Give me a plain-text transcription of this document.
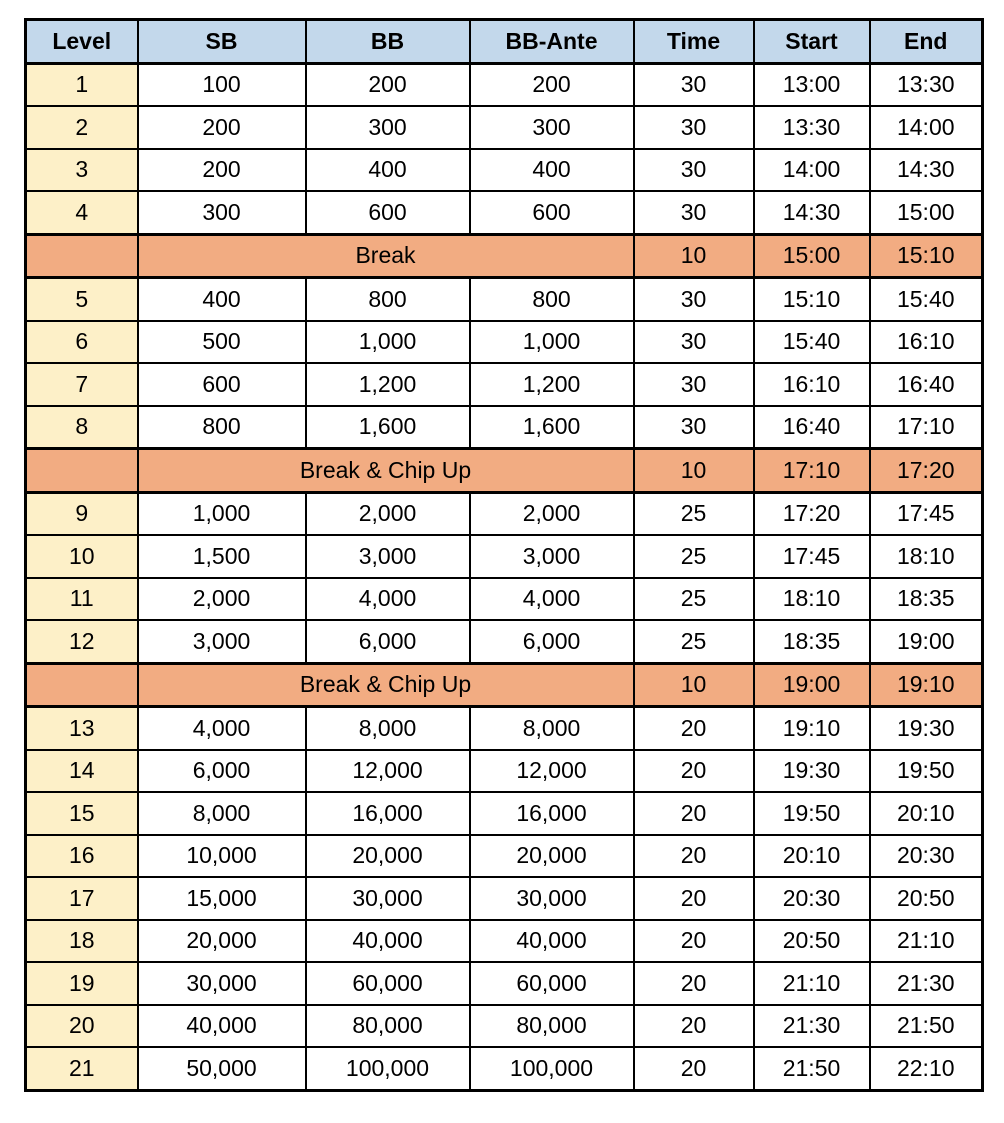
Level	SB	BB	BB-Ante	Time	Start	End
1	100	200	200	30	13:00	13:30
2	200	300	300	30	13:30	14:00
3	200	400	400	30	14:00	14:30
4	300	600	600	30	14:30	15:00
	Break			10	15:00	15:10
5	400	800	800	30	15:10	15:40
6	500	1,000	1,000	30	15:40	16:10
7	600	1,200	1,200	30	16:10	16:40
8	800	1,600	1,600	30	16:40	17:10
	Break & Chip Up			10	17:10	17:20
9	1,000	2,000	2,000	25	17:20	17:45
10	1,500	3,000	3,000	25	17:45	18:10
11	2,000	4,000	4,000	25	18:10	18:35
12	3,000	6,000	6,000	25	18:35	19:00
	Break & Chip Up			10	19:00	19:10
13	4,000	8,000	8,000	20	19:10	19:30
14	6,000	12,000	12,000	20	19:30	19:50
15	8,000	16,000	16,000	20	19:50	20:10
16	10,000	20,000	20,000	20	20:10	20:30
17	15,000	30,000	30,000	20	20:30	20:50
18	20,000	40,000	40,000	20	20:50	21:10
19	30,000	60,000	60,000	20	21:10	21:30
20	40,000	80,000	80,000	20	21:30	21:50
21	50,000	100,000	100,000	20	21:50	22:10
